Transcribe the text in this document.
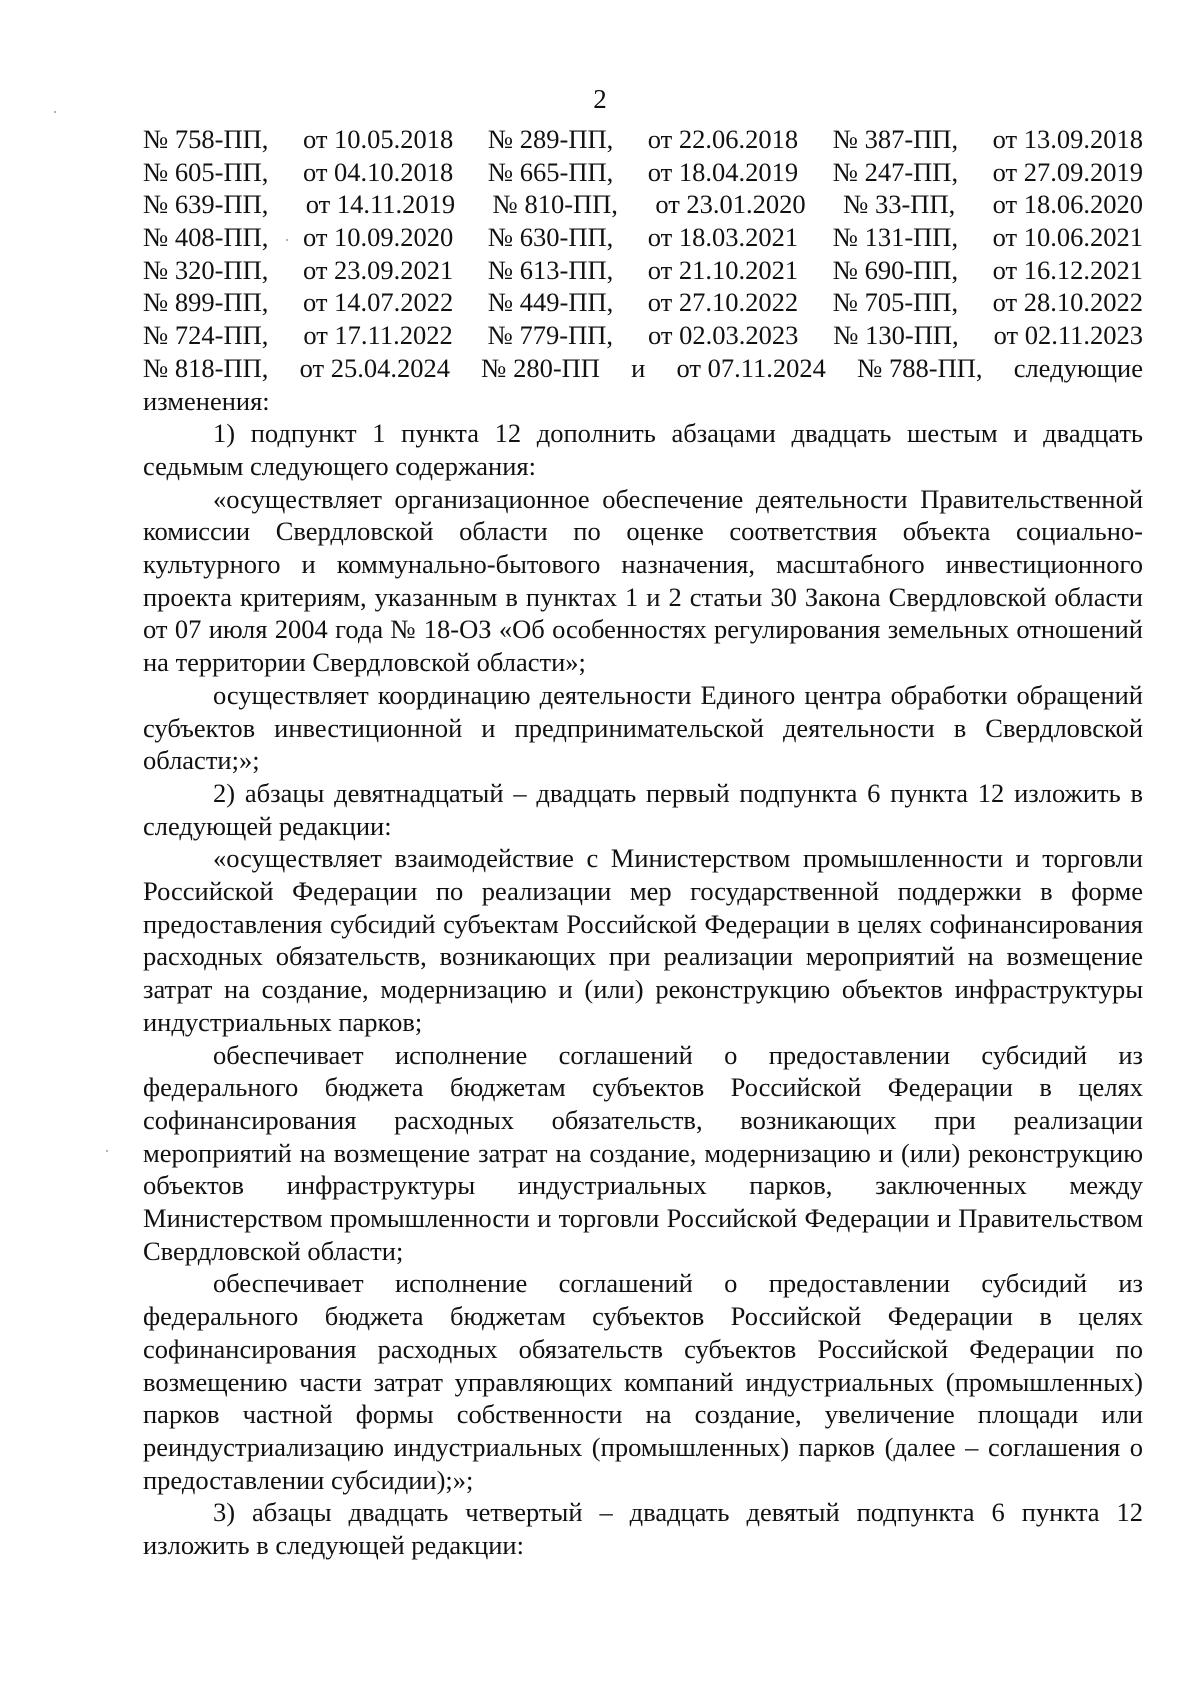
2
№ 758-ПП, от 10.05.2018 № 289-ПП, от 22.06.2018 № 387-ПП, от 13.09.2018
№ 605-ПП, от 04.10.2018 № 665-ПП, от 18.04.2019 № 247-ПП, от 27.09.2019
№ 639-ПП, от 14.11.2019 № 810-ПП, от 23.01.2020 № 33-ПП, от 18.06.2020
№ 408-ПП, от 10.09.2020 № 630-ПП, от 18.03.2021 № 131-ПП, от 10.06.2021
№ 320-ПП, от 23.09.2021 № 613-ПП, от 21.10.2021 № 690-ПП, от 16.12.2021
№ 899-ПП, от 14.07.2022 № 449-ПП, от 27.10.2022 № 705-ПП, от 28.10.2022
№ 724-ПП, от 17.11.2022 № 779-ПП, от 02.03.2023 № 130-ПП, от 02.11.2023
№ 818-ПП, от 25.04.2024 № 280-ПП и от 07.11.2024 № 788-ПП, следующие

изменения:

1) подпункт 1 пункта 12 дополнить абзацами двадцать шестым и двадцать седьмым следующего содержания:

«осуществляет организационное обеспечение деятельности Правительственной комиссии Свердловской области по оценке соответствия объекта социально-культурного и коммунально-бытового назначения, масштабного инвестиционного проекта критериям, указанным в пунктах 1 и 2 статьи 30 Закона Свердловской области от 07 июля 2004 года № 18-ОЗ «Об особенностях регулирования земельных отношений на территории Свердловской области»;

осуществляет координацию деятельности Единого центра обработки обращений субъектов инвестиционной и предпринимательской деятельности в Свердловской области;»;

2) абзацы девятнадцатый – двадцать первый подпункта 6 пункта 12 изложить в следующей редакции:

«осуществляет взаимодействие с Министерством промышленности и торговли Российской Федерации по реализации мер государственной поддержки в форме предоставления субсидий субъектам Российской Федерации в целях софинансирования расходных обязательств, возникающих при реализации мероприятий на возмещение затрат на создание, модернизацию и (или) реконструкцию объектов инфраструктуры индустриальных парков;

обеспечивает исполнение соглашений о предоставлении субсидий из федерального бюджета бюджетам субъектов Российской Федерации в целях софинансирования расходных обязательств, возникающих при реализации мероприятий на возмещение затрат на создание, модернизацию и (или) реконструкцию объектов инфраструктуры индустриальных парков, заключенных между Министерством промышленности и торговли Российской Федерации и Правительством Свердловской области;

обеспечивает исполнение соглашений о предоставлении субсидий из федерального бюджета бюджетам субъектов Российской Федерации в целях софинансирования расходных обязательств субъектов Российской Федерации по возмещению части затрат управляющих компаний индустриальных (промышленных) парков частной формы собственности на создание, увеличение площади или реиндустриализацию индустриальных (промышленных) парков (далее – соглашения о предоставлении субсидии);»;

3) абзацы двадцать четвертый – двадцать девятый подпункта 6 пункта 12 изложить в следующей редакции:
